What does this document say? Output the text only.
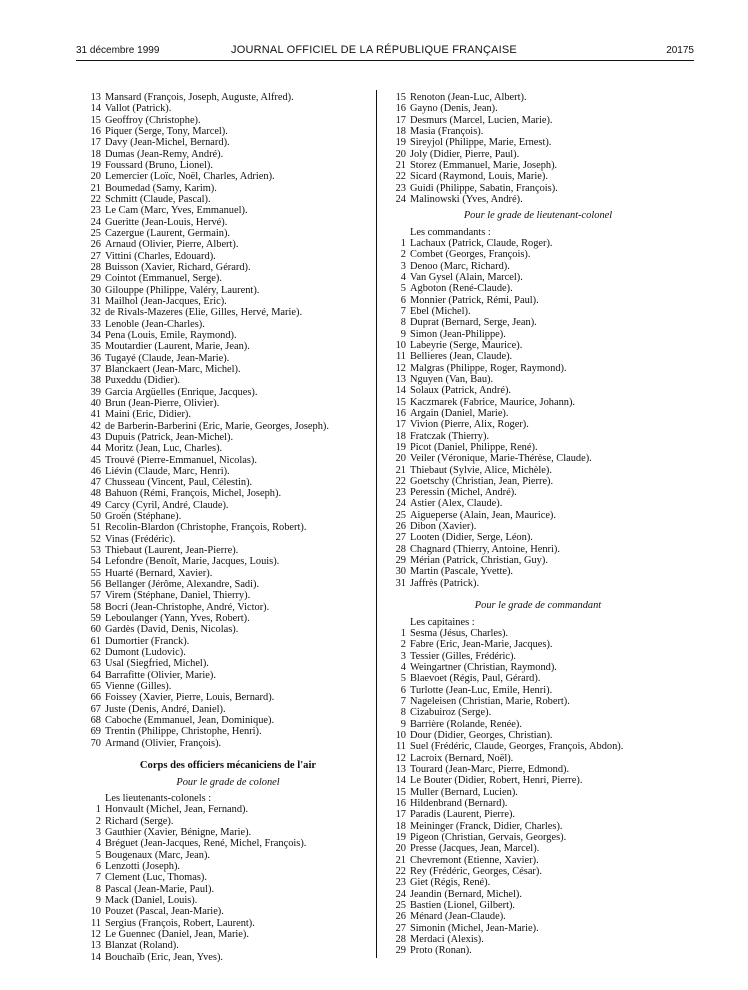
31 décembre 1999	JOURNAL OFFICIEL DE LA RÉPUBLIQUE FRANÇAISE	20175
13 Mansard (François, Joseph, Auguste, Alfred).
14 Vallot (Patrick).
15 Geoffroy (Christophe).
16 Piquer (Serge, Tony, Marcel).
17 Davy (Jean-Michel, Bernard).
18 Dumas (Jean-Remy, André).
19 Foussard (Bruno, Lionel).
20 Lemercier (Loïc, Noël, Charles, Adrien).
21 Boumedad (Samy, Karim).
22 Schmitt (Claude, Pascal).
23 Le Cam (Marc, Yves, Emmanuel).
24 Gueritte (Jean-Louis, Hervé).
25 Cazergue (Laurent, Germain).
26 Arnaud (Olivier, Pierre, Albert).
27 Vittini (Charles, Edouard).
28 Buisson (Xavier, Richard, Gérard).
29 Cointot (Emmanuel, Serge).
30 Gilouppe (Philippe, Valéry, Laurent).
31 Mailhol (Jean-Jacques, Eric).
32 de Rivals-Mazeres (Elie, Gilles, Hervé, Marie).
33 Lenoble (Jean-Charles).
34 Pena (Louis, Emile, Raymond).
35 Moutardier (Laurent, Marie, Jean).
36 Tugayé (Claude, Jean-Marie).
37 Blanckaert (Jean-Marc, Michel).
38 Puxeddu (Didier).
39 Garcia Argüelles (Enrique, Jacques).
40 Brun (Jean-Pierre, Olivier).
41 Maini (Eric, Didier).
42 de Barberin-Barberini (Eric, Marie, Georges, Joseph).
43 Dupuis (Patrick, Jean-Michel).
44 Moritz (Jean, Luc, Charles).
45 Trouvé (Pierre-Emmanuel, Nicolas).
46 Liévin (Claude, Marc, Henri).
47 Chusseau (Vincent, Paul, Célestin).
48 Bahuon (Rémi, François, Michel, Joseph).
49 Carcy (Cyril, André, Claude).
50 Groën (Stéphane).
51 Recolin-Blardon (Christophe, François, Robert).
52 Vinas (Frédéric).
53 Thiebaut (Laurent, Jean-Pierre).
54 Lefondre (Benoît, Marie, Jacques, Louis).
55 Huarté (Bernard, Xavier).
56 Bellanger (Jérôme, Alexandre, Sadi).
57 Virem (Stéphane, Daniel, Thierry).
58 Bocri (Jean-Christophe, André, Victor).
59 Leboulanger (Yann, Yves, Robert).
60 Gardès (David, Denis, Nicolas).
61 Dumortier (Franck).
62 Dumont (Ludovic).
63 Usal (Siegfried, Michel).
64 Barrafitte (Olivier, Marie).
65 Vienne (Gilles).
66 Foissey (Xavier, Pierre, Louis, Bernard).
67 Juste (Denis, André, Daniel).
68 Caboche (Emmanuel, Jean, Dominique).
69 Trentin (Philippe, Christophe, Henri).
70 Armand (Olivier, François).
Corps des officiers mécaniciens de l'air
Pour le grade de colonel
Les lieutenants-colonels :
1 Honvault (Michel, Jean, Fernand).
2 Richard (Serge).
3 Gauthier (Xavier, Bénigne, Marie).
4 Bréguet (Jean-Jacques, René, Michel, François).
5 Bougenaux (Marc, Jean).
6 Lenzotti (Joseph).
7 Clement (Luc, Thomas).
8 Pascal (Jean-Marie, Paul).
9 Mack (Daniel, Louis).
10 Pouzet (Pascal, Jean-Marie).
11 Sergius (François, Robert, Laurent).
12 Le Guennec (Daniel, Jean, Marie).
13 Blanzat (Roland).
14 Bouchaïb (Eric, Jean, Yves).
15 Renoton (Jean-Luc, Albert).
16 Gayno (Denis, Jean).
17 Desmurs (Marcel, Lucien, Marie).
18 Masia (François).
19 Sireyjol (Philippe, Marie, Ernest).
20 Joly (Didier, Pierre, Paul).
21 Storez (Emmanuel, Marie, Joseph).
22 Sicard (Raymond, Louis, Marie).
23 Guidi (Philippe, Sabatin, François).
24 Malinowski (Yves, André).
Pour le grade de lieutenant-colonel
Les commandants :
1 Lachaux (Patrick, Claude, Roger).
2 Combet (Georges, François).
3 Denoo (Marc, Richard).
4 Van Gysel (Alain, Marcel).
5 Agboton (René-Claude).
6 Monnier (Patrick, Rémi, Paul).
7 Ebel (Michel).
8 Duprat (Bernard, Serge, Jean).
9 Simon (Jean-Philippe).
10 Labeyrie (Serge, Maurice).
11 Bellieres (Jean, Claude).
12 Malgras (Philippe, Roger, Raymond).
13 Nguyen (Van, Bau).
14 Solaux (Patrick, André).
15 Kaczmarek (Fabrice, Maurice, Johann).
16 Argain (Daniel, Marie).
17 Vivion (Pierre, Alix, Roger).
18 Fratczak (Thierry).
19 Picot (Daniel, Philippe, René).
20 Veiler (Véronique, Marie-Thérèse, Claude).
21 Thiebaut (Sylvie, Alice, Michèle).
22 Goetschy (Christian, Jean, Pierre).
23 Peressin (Michel, André).
24 Astier (Alex, Claude).
25 Aigueperse (Alain, Jean, Maurice).
26 Dibon (Xavier).
27 Looten (Didier, Serge, Léon).
28 Chagnard (Thierry, Antoine, Henri).
29 Mérian (Patrick, Christian, Guy).
30 Martin (Pascale, Yvette).
31 Jaffrès (Patrick).
Pour le grade de commandant
Les capitaines :
1 Sesma (Jésus, Charles).
2 Fabre (Eric, Jean-Marie, Jacques).
3 Tessier (Gilles, Frédéric).
4 Weingartner (Christian, Raymond).
5 Blaevoet (Régis, Paul, Gérard).
6 Turlotte (Jean-Luc, Emile, Henri).
7 Nageleisen (Christian, Marie, Robert).
8 Cizabuiroz (Serge).
9 Barrière (Rolande, Renée).
10 Dour (Didier, Georges, Christian).
11 Suel (Frédéric, Claude, Georges, François, Abdon).
12 Lacroix (Bernard, Noël).
13 Tourard (Jean-Marc, Pierre, Edmond).
14 Le Bouter (Didier, Robert, Henri, Pierre).
15 Muller (Bernard, Lucien).
16 Hildenbrand (Bernard).
17 Paradis (Laurent, Pierre).
18 Meininger (Franck, Didier, Charles).
19 Pigeon (Christian, Gervais, Georges).
20 Presse (Jacques, Jean, Marcel).
21 Chevremont (Etienne, Xavier).
22 Rey (Frédéric, Georges, César).
23 Giet (Régis, René).
24 Jeandin (Bernard, Michel).
25 Bastien (Lionel, Gilbert).
26 Ménard (Jean-Claude).
27 Simonin (Michel, Jean-Marie).
28 Merdaci (Alexis).
29 Proto (Ronan).
